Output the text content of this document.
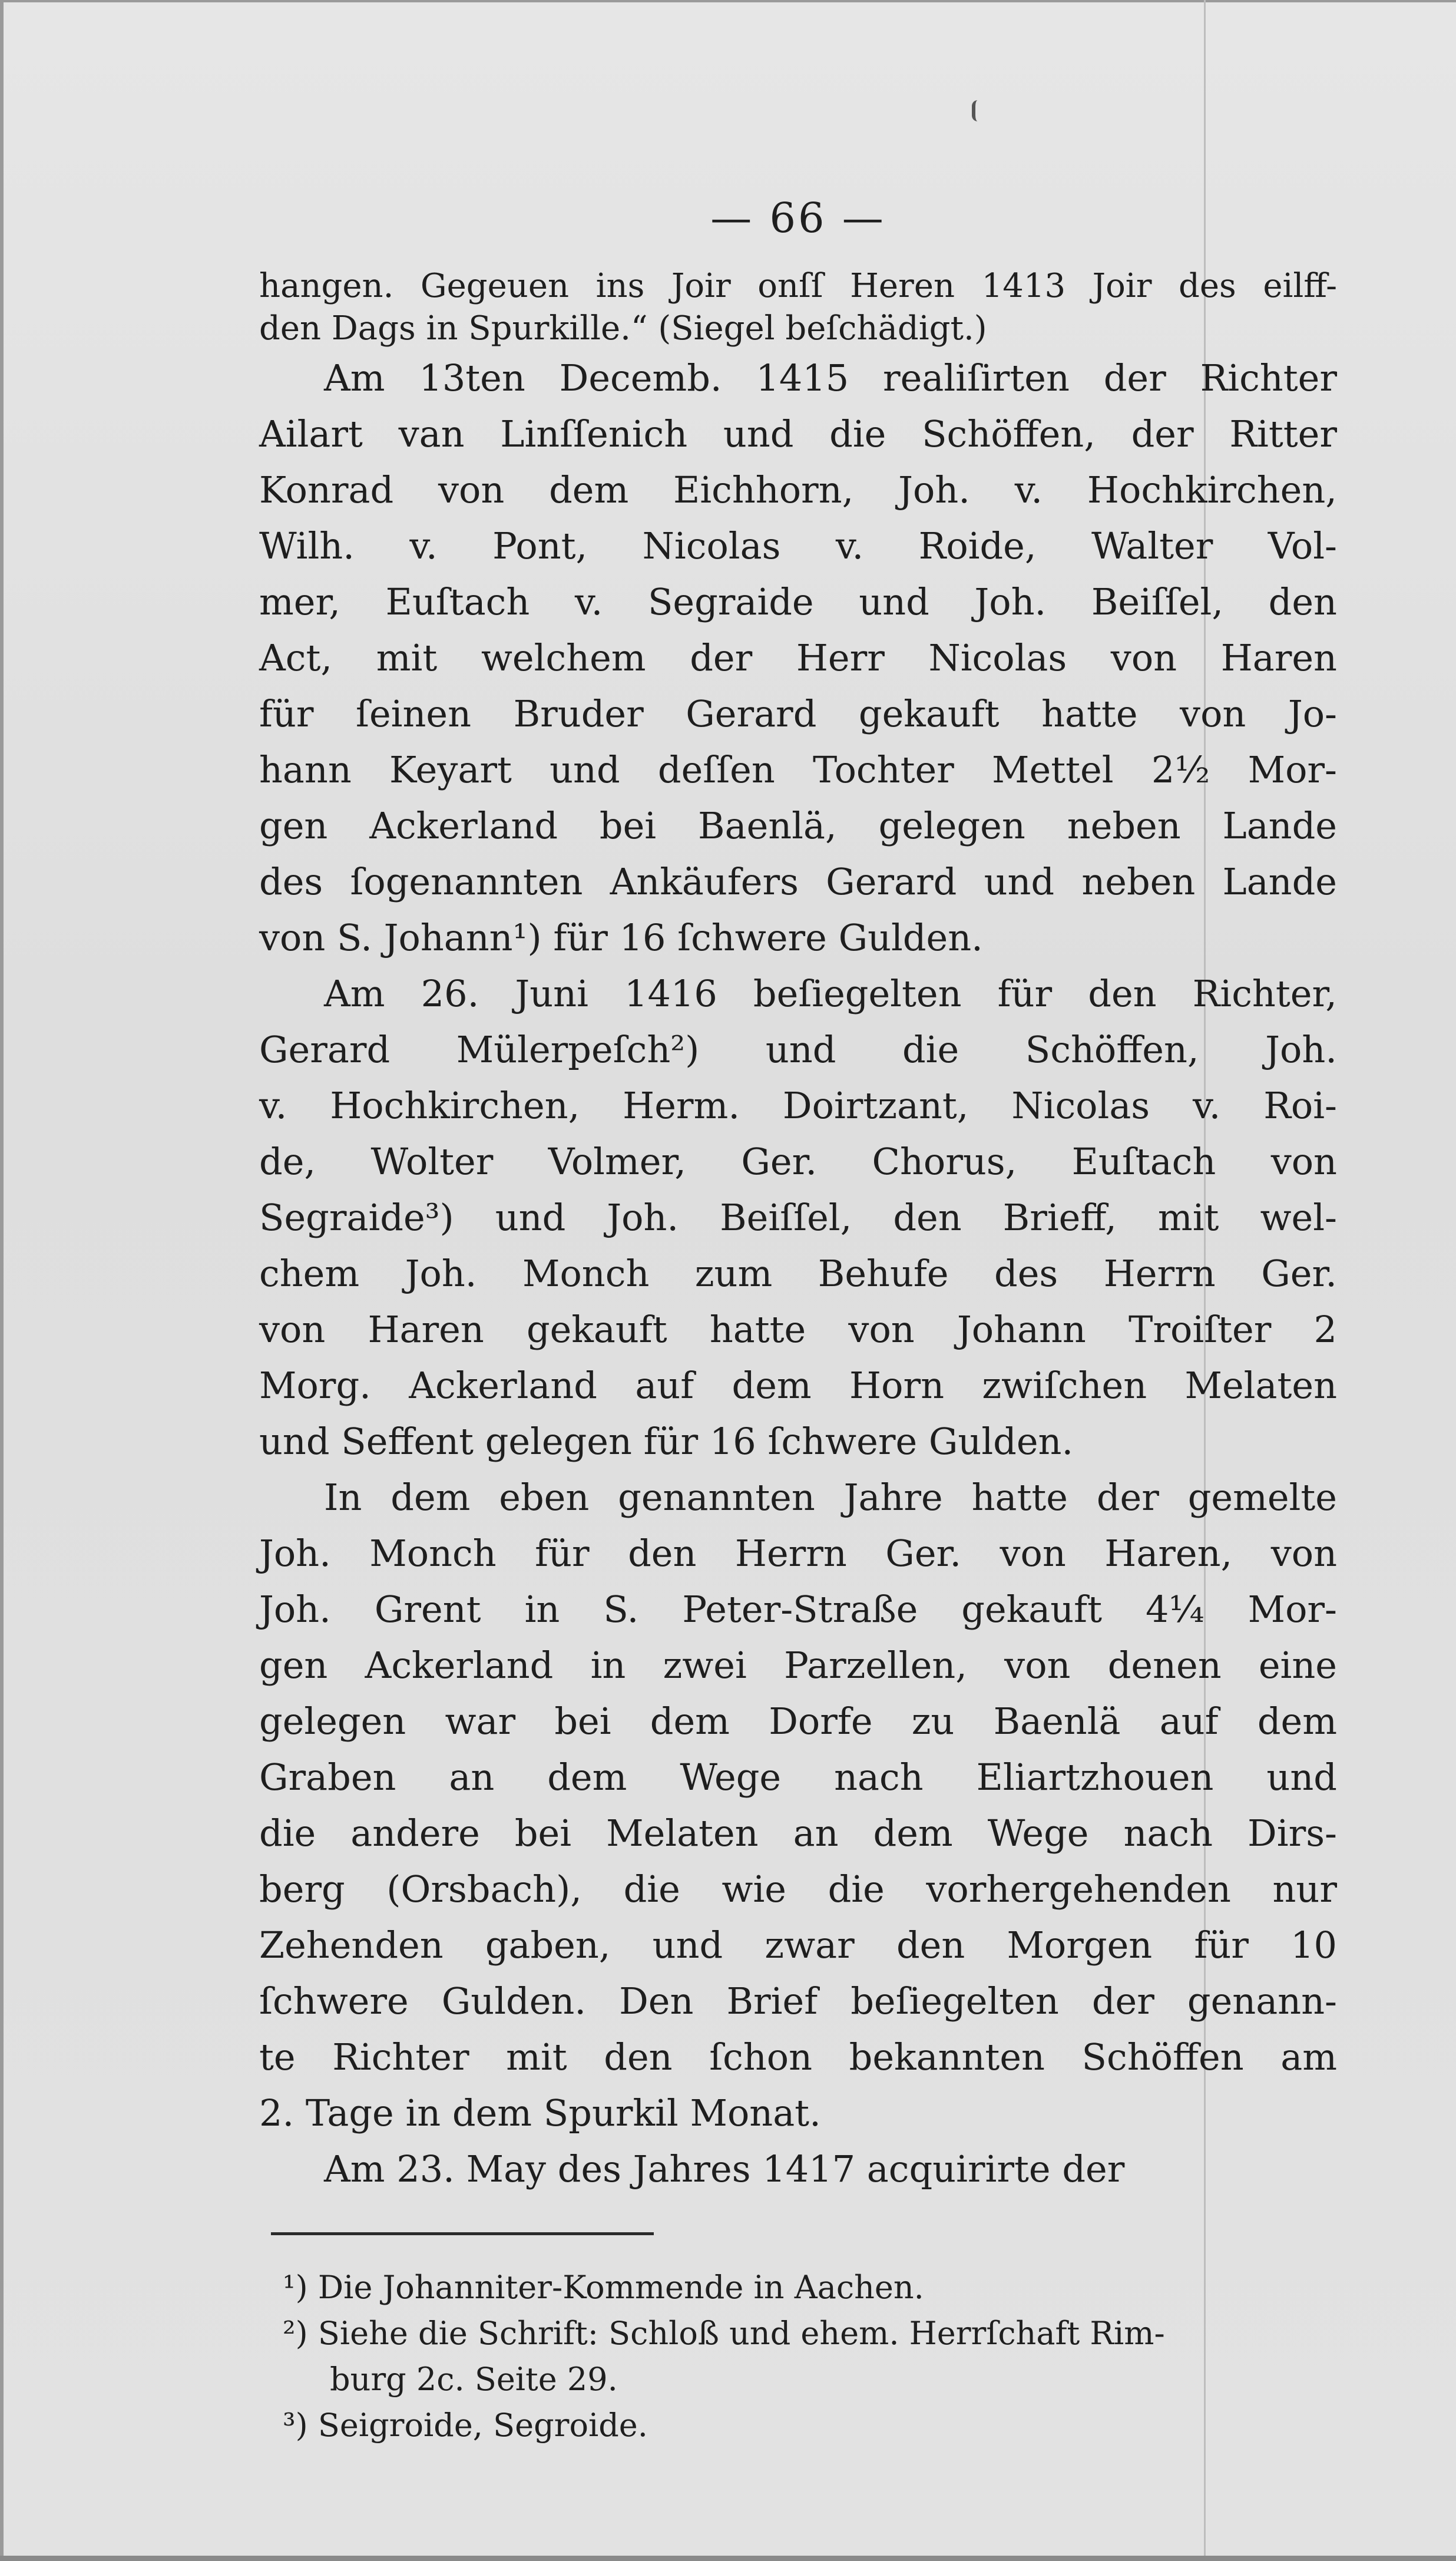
— 66 —
hangen. Gegeuen ins Joir onſſ Heren 1413 Joir des eilff-
den Dags in Spurkille.“ (Siegel beſchädigt.)
Am 13ten Decemb. 1415 realiſirten der Richter
Ailart van Linſſenich und die Schöffen, der Ritter
Konrad von dem Eichhorn, Joh. v. Hochkirchen,
Wilh. v. Pont, Nicolas v. Roide, Walter Vol-
mer, Euſtach v. Segraide und Joh. Beiſſel, den
Act, mit welchem der Herr Nicolas von Haren
für ſeinen Bruder Gerard gekauft hatte von Jo-
hann Keyart und deſſen Tochter Mettel 2½ Mor-
gen Ackerland bei Baenlä, gelegen neben Lande
des ſogenannten Ankäufers Gerard und neben Lande
von S. Johann¹) für 16 ſchwere Gulden.
Am 26. Juni 1416 beſiegelten für den Richter,
Gerard Mülerpeſch²) und die Schöffen, Joh.
v. Hochkirchen, Herm. Doirtzant, Nicolas v. Roi-
de, Wolter Volmer, Ger. Chorus, Euſtach von
Segraide³) und Joh. Beiſſel, den Brieff, mit wel-
chem Joh. Monch zum Behufe des Herrn Ger.
von Haren gekauft hatte von Johann Troiſter 2
Morg. Ackerland auf dem Horn zwiſchen Melaten
und Seffent gelegen für 16 ſchwere Gulden.
In dem eben genannten Jahre hatte der gemelte
Joh. Monch für den Herrn Ger. von Haren, von
Joh. Grent in S. Peter-Straße gekauft 4¼ Mor-
gen Ackerland in zwei Parzellen, von denen eine
gelegen war bei dem Dorfe zu Baenlä auf dem
Graben an dem Wege nach Eliartzhouen und
die andere bei Melaten an dem Wege nach Dirs-
berg (Orsbach), die wie die vorhergehenden nur
Zehenden gaben, und zwar den Morgen für 10
ſchwere Gulden. Den Brief beſiegelten der genann-
te Richter mit den ſchon bekannten Schöffen am
2. Tage in dem Spurkil Monat.
Am 23. May des Jahres 1417 acquirirte der
¹) Die Johanniter-Kommende in Aachen.
²) Siehe die Schrift: Schloß und ehem. Herrſchaft Rim-
burg 2c. Seite 29.
³) Seigroide, Segroide.
